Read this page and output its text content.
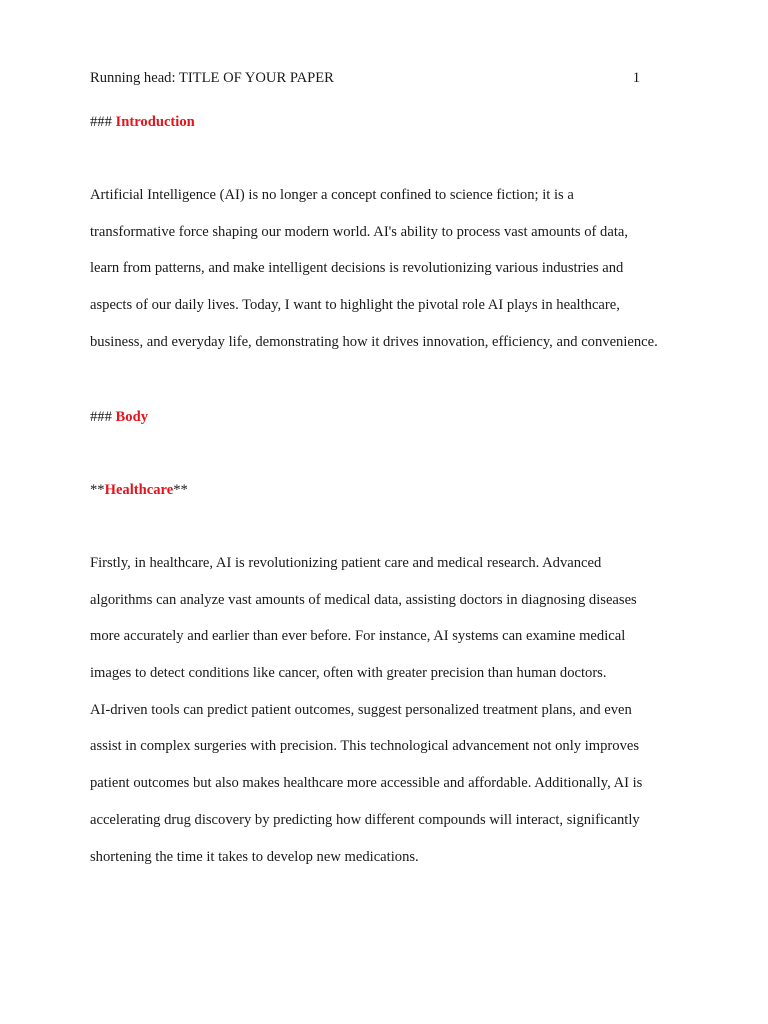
Running head: TITLE OF YOUR PAPER	1
### Introduction
Artificial Intelligence (AI) is no longer a concept confined to science fiction; it is a
transformative force shaping our modern world. AI's ability to process vast amounts of data,
learn from patterns, and make intelligent decisions is revolutionizing various industries and
aspects of our daily lives. Today, I want to highlight the pivotal role AI plays in healthcare,
business, and everyday life, demonstrating how it drives innovation, efficiency, and convenience.
### Body
**Healthcare**
Firstly, in healthcare, AI is revolutionizing patient care and medical research. Advanced
algorithms can analyze vast amounts of medical data, assisting doctors in diagnosing diseases
more accurately and earlier than ever before. For instance, AI systems can examine medical
images to detect conditions like cancer, often with greater precision than human doctors.
AI-driven tools can predict patient outcomes, suggest personalized treatment plans, and even
assist in complex surgeries with precision. This technological advancement not only improves
patient outcomes but also makes healthcare more accessible and affordable. Additionally, AI is
accelerating drug discovery by predicting how different compounds will interact, significantly
shortening the time it takes to develop new medications.
